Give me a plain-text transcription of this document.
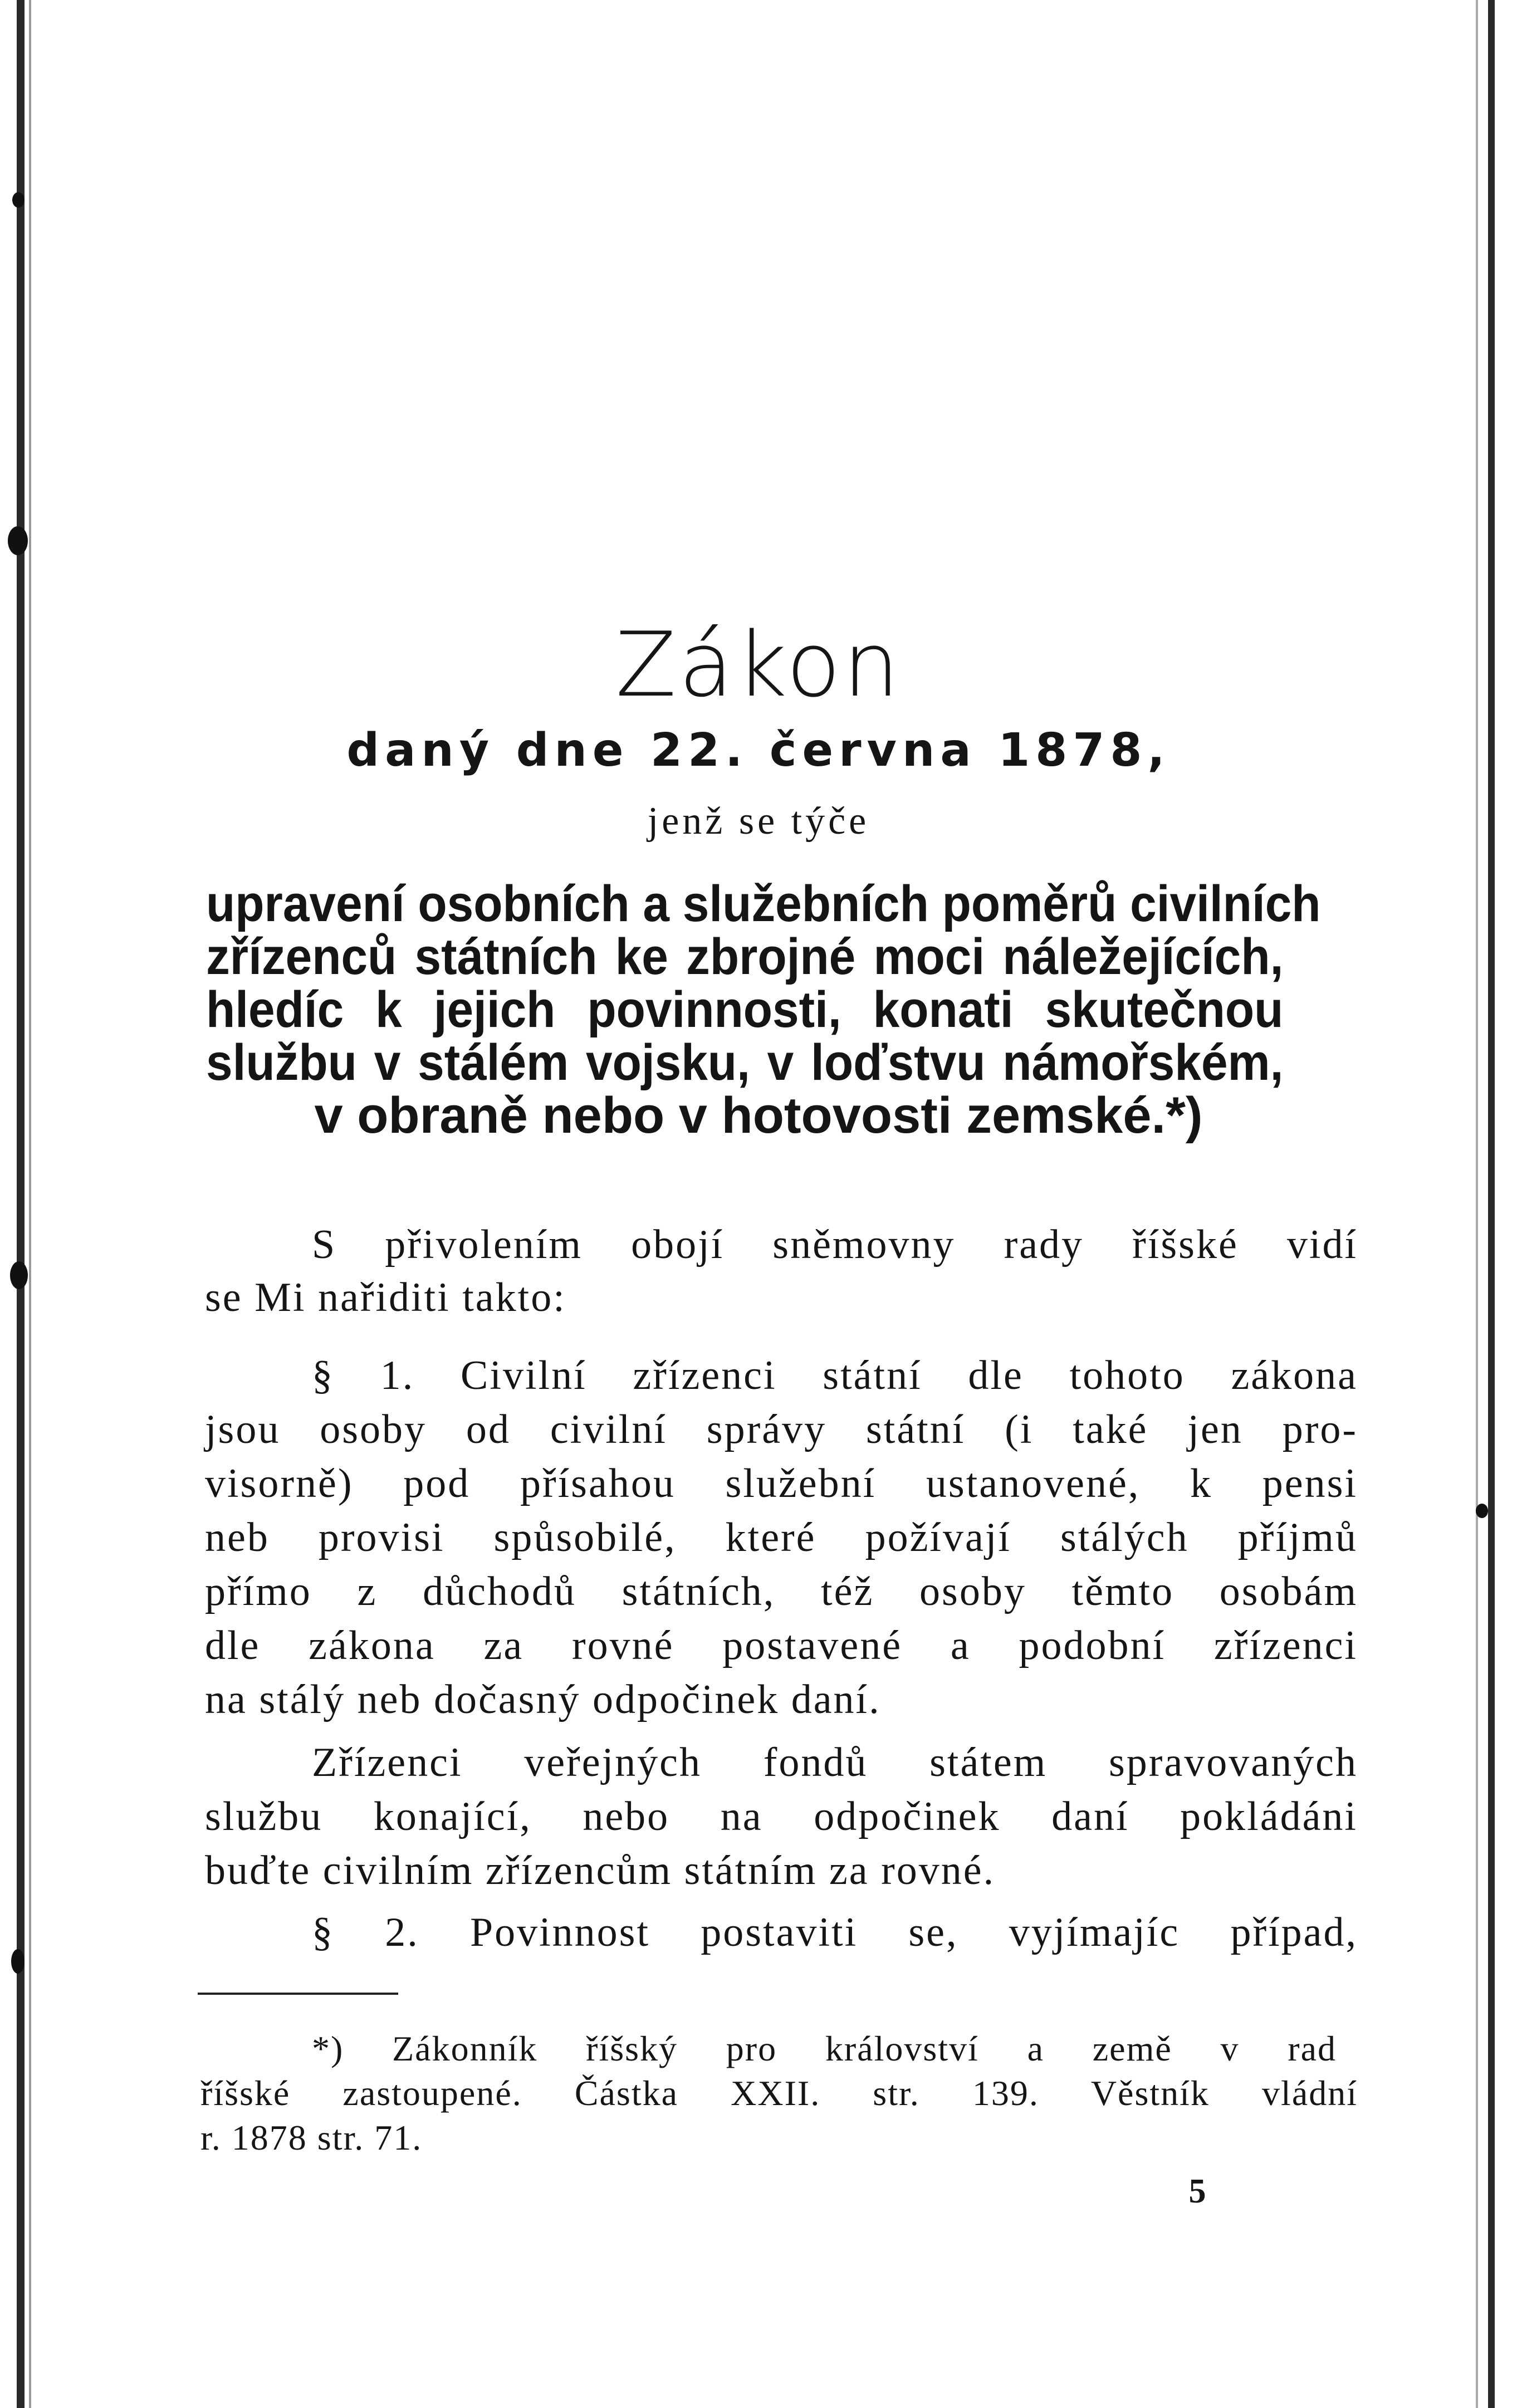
Zákon
daný dne 22. června 1878,
jenž se týče
upravení osobních a služebních poměrů civilních
zřízenců státních ke zbrojné moci náležejících,
hledíc k jejich povinnosti, konati skutečnou
službu v stálém vojsku, v loďstvu námořském,
v obraně nebo v hotovosti zemské.*)
S přivolením obojí sněmovny rady říšské vidí
se Mi nařiditi takto:
§ 1. Civilní zřízenci státní dle tohoto zákona
jsou osoby od civilní správy státní (i také jen pro-
visorně) pod přísahou služební ustanovené, k pensi
neb provisi spůsobilé, které požívají stálých příjmů
přímo z důchodů státních, též osoby těmto osobám
dle zákona za rovné postavené a podobní zřízenci
na stálý neb dočasný odpočinek daní.
Zřízenci veřejných fondů státem spravovaných
službu konající, nebo na odpočinek daní pokládáni
buďte civilním zřízencům státním za rovné.
§ 2. Povinnost postaviti se, vyjímajíc případ,
*) Zákonník říšský pro království a země v rad
říšské zastoupené. Částka XXII. str. 139. Věstník vládní
r. 1878 str. 71.
5
